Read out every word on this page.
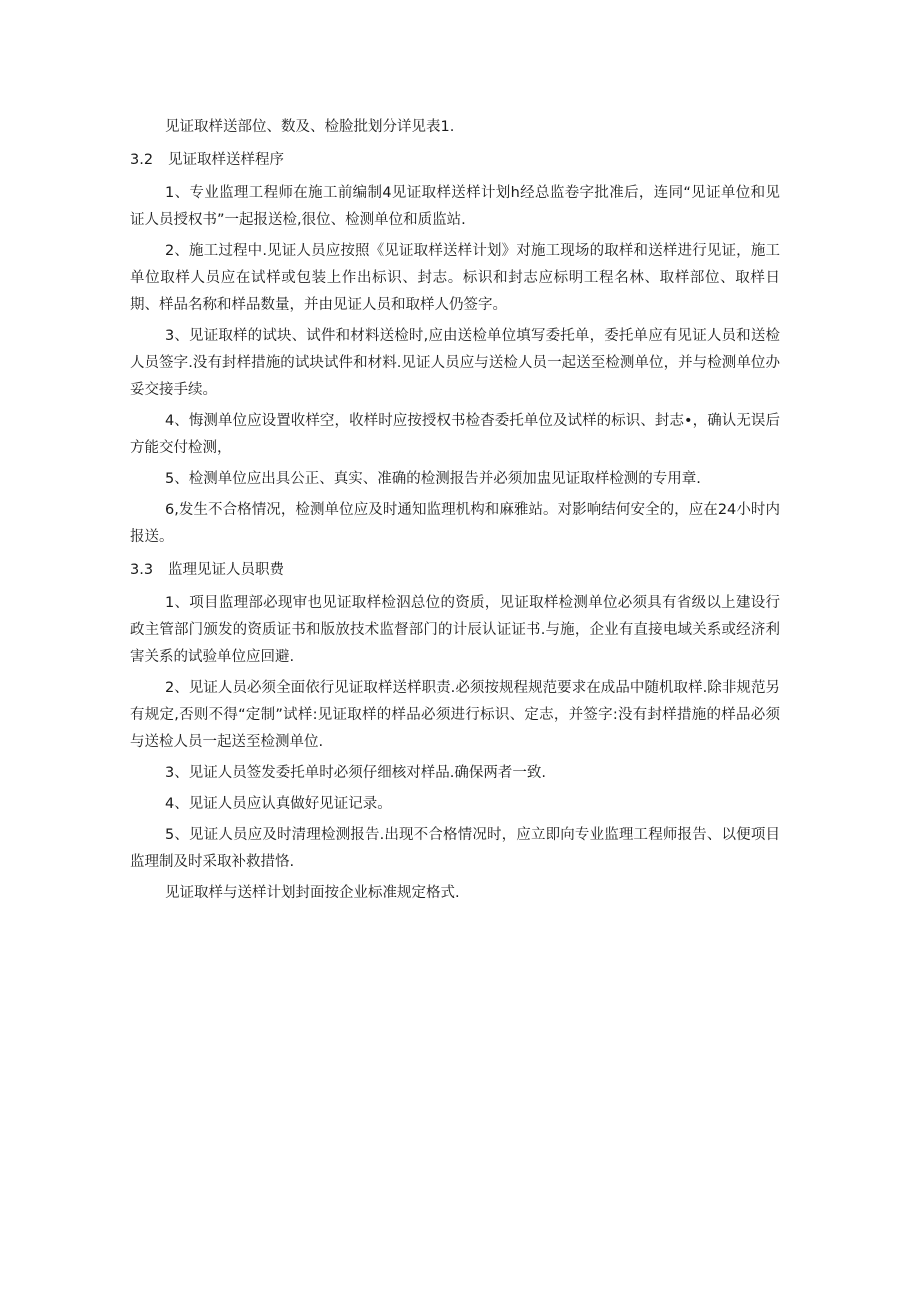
见证取样送部位、数及、检脸批划分详见表1.

3.2	见证取样送样程序

1、专业监理工程师在施工前编制4见证取样送样计划h经总监卷字批准后，连同“见证单位和见证人员授权书”一起报送检,很位、检测单位和质监站.

2、施工过程中.见证人员应按照《见证取样送样计划》对施工现场的取样和送样进行见证，施工单位取样人员应在试样或包装上作出标识、封志。标识和封志应标明工程名林、取样部位、取样日期、样品名称和样品数量，并由见证人员和取样人仍签字。

3、见证取样的试块、试件和材料送检时,应由送检单位填写委托单，委托单应有见证人员和送检人员签字.没有封样措施的试块试件和材料.见证人员应与送检人员一起送至检测单位，并与检测单位办妥交接手续。

4、悔测单位应设置收样空，收样时应按授权书检杳委托单位及试样的标识、封志•，确认无误后方能交付检测，

5、检测单位应出具公正、真实、准确的检测报告并必须加盅见证取样检测的专用章.

6,发生不合格情况，检测单位应及时通知监理机构和麻雅站。对影响结何安全的，应在24小时内报送。

3.3	监理见证人员职费

1、项目监理部必现审也见证取样检泅总位的资质，见证取样检测单位必须具有省级以上建设行政主管部门颁发的资质证书和版放技术监督部门的计辰认证证书.与施，企业有直接电域关系或经济利害关系的试验单位应回避.

2、见证人员必须全面依行见证取样送样职责.必须按规程规范要求在成品中随机取样.除非规范另有规定,否则不得“定制”试样:见证取样的样品必须进行标识、定志，并签字:没有封样措施的样品必须与送检人员一起送至检测单位.

3、见证人员签发委托单时必须仔细核对样品.确保两者一致.

4、见证人员应认真做好见证记录。

5、见证人员应及时清理检测报告.出现不合格情况时，应立即向专业监理工程师报告、以便项目监理制及时采取补救措恪.

见证取样与送样计划封面按企业标准规定格式.
